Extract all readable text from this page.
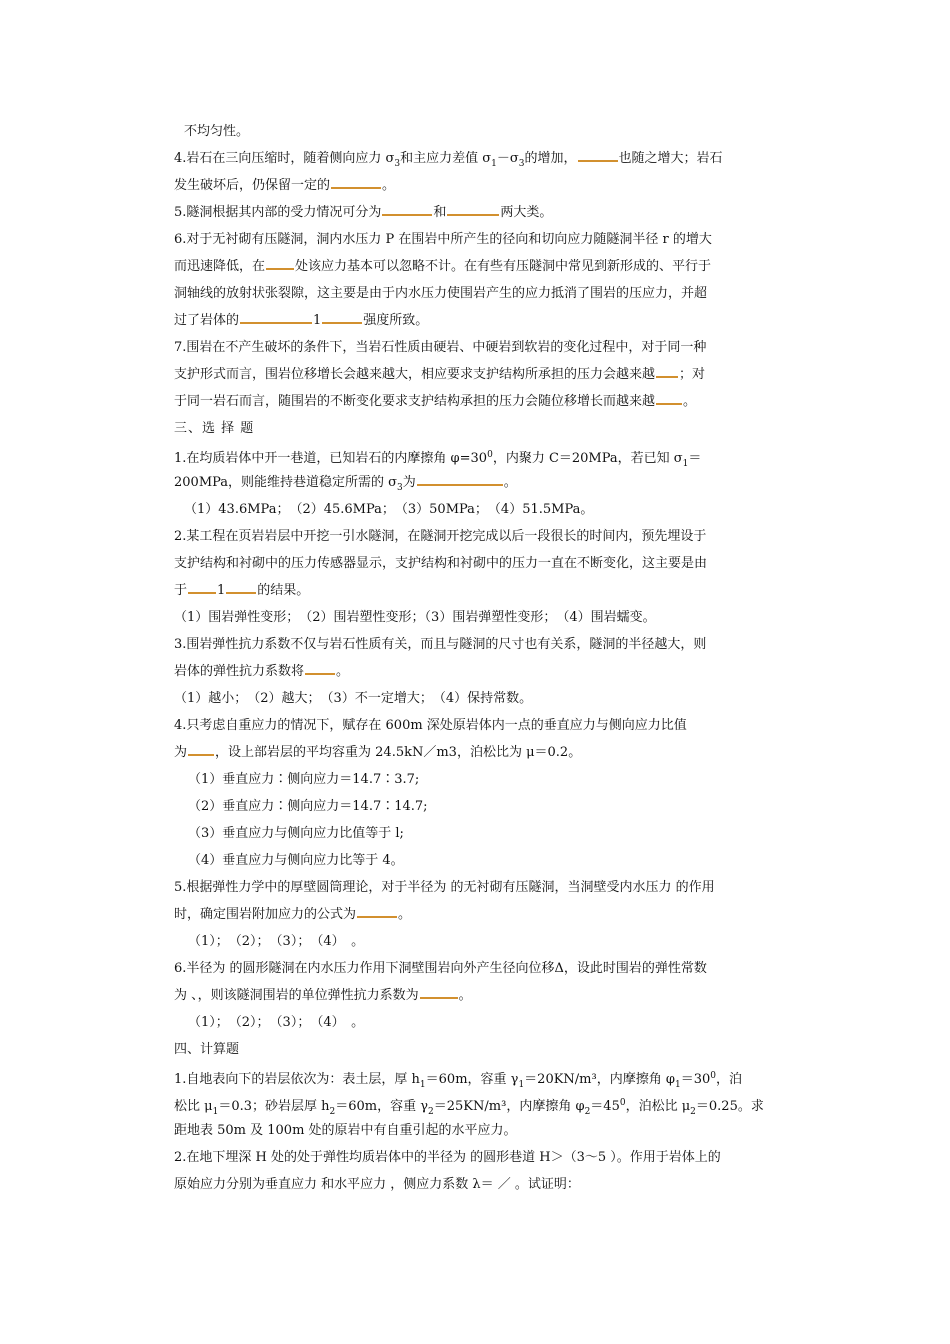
不均匀性。
4.岩石在三向压缩时，随着侧向应力 $\sigma_3$和主应力差值 $\sigma_1-\sigma_3$的增加，	也随之增大；岩石
发生破坏后，仍保留一定的	。
5.隧洞根据其内部的受力情况可分为	和	两大类。
6.对于无衬砌有压隧洞，洞内水压力 P 在围岩中所产生的径向和切向应力随隧洞半径 r 的增大
而迅速降低，在 处该应力基本可以忽略不计。在有些有压隧洞中常见到新形成的、平行于
洞轴线的放射状张裂隙，这主要是由于内水压力使围岩产生的应力抵消了围岩的压应力，并超
过了岩体的	1	强度所致。
7.围岩在不产生破坏的条件下，当岩石性质由硬岩、中硬岩到软岩的变化过程中，对于同一种
支护形式而言，围岩位移增长会越来越大，相应要求支护结构所承担的压力会越来越 ；对
于同一岩石而言，随围岩的不断变化要求支护结构承担的压力会随位移增长而越来越 。
三、选 择 题
1.在均质岩体中开一巷道，已知岩石的内摩擦角 $\varphi=30^0$，内聚力 C＝20MPa，若已知 $\sigma_1=$
200MPa，则能维持巷道稳定所需的 $\sigma_3$为	。
（1）43.6MPa；　（2）45.6MPa；　（3）50MPa；　（4）51.5MPa。
2.某工程在页岩岩层中开挖一引水隧洞，在隧洞开挖完成以后一段很长的时间内，预先埋设于
支护结构和衬砌中的压力传感器显示，支护结构和衬砌中的压力一直在不断变化，这主要是由
于 1 的结果。
（1）围岩弹性变形；　（2）围岩塑性变形；（3）围岩弹塑性变形；　（4）围岩蠕变。
3.围岩弹性抗力系数不仅与岩石性质有关，而且与隧洞的尺寸也有关系，隧洞的半径越大，则
岩体的弹性抗力系数将 。
（1）越小；　（2）越大；　（3）不一定增大；　（4）保持常数。
4.只考虑自重应力的情况下，赋存在 600m 深处原岩体内一点的垂直应力与侧向应力比值
为 ，设上部岩层的平均容重为 24.5kN／m3，泊松比为 μ＝0.2。
（1）垂直应力∶侧向应力＝14.7∶3.7;
（2）垂直应力∶侧向应力＝14.7∶14.7;
（3）垂直应力与侧向应力比值等于 l;
（4）垂直应力与侧向应力比等于 4。
5.根据弹性力学中的厚壁圆筒理论，对于半径为 的无衬砌有压隧洞，当洞壁受内水压力 的作用
时，确定围岩附加应力的公式为	。
（1）；　（2）；　（3）；　（4）　。
6.半径为 的圆形隧洞在内水压力作用下洞壁围岩向外产生径向位移Δ，设此时围岩的弹性常数
为 、，则该隧洞围岩的单位弹性抗力系数为	。
（1）；　（2）；　（3）；　（4）　。
四、计算题
1.自地表向下的岩层依次为：表土层，厚 $h_1=60m$，容重 $\gamma_1=20KN/m^3$，内摩擦角 $\varphi_1=30^0$，泊
松比 $\mu_1=0.3$；砂岩层厚 $h_2=60m$，容重 $\gamma_2=25KN/m^3$，内摩擦角 $\varphi_2=45^0$，泊松比 $\mu_2=0.25$。求
距地表 50m 及 100m 处的原岩中有自重引起的水平应力。
2.在地下埋深 H 处的处于弹性均质岩体中的半径为 的圆形巷道 H＞（3～5 ）。作用于岩体上的
原始应力分别为垂直应力 和水平应力 ，侧应力系数 λ＝ ／ 。试证明：
